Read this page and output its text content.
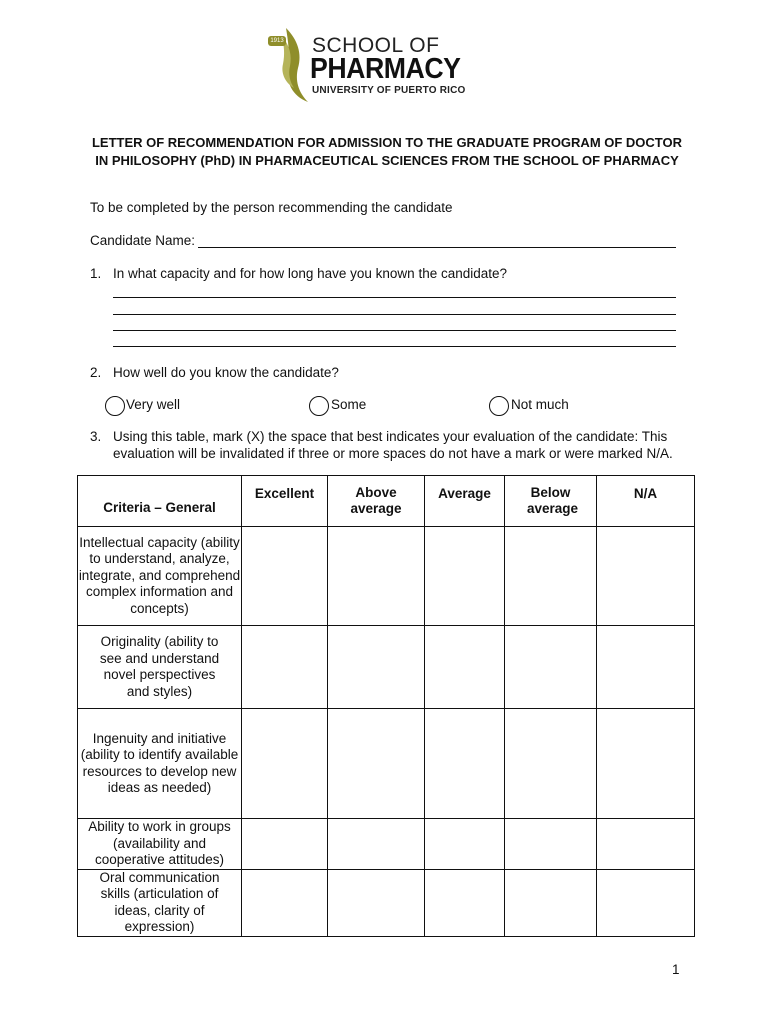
1913 SCHOOL OF
PHARMACY
UNIVERSITY OF PUERTO RICO
LETTER OF RECOMMENDATION FOR ADMISSION TO THE GRADUATE PROGRAM OF DOCTOR IN PHILOSOPHY (PhD) IN PHARMACEUTICAL SCIENCES FROM THE SCHOOL OF PHARMACY
To be completed by the person recommending the candidate
Candidate Name:
1. In what capacity and for how long have you known the candidate?
2. How well do you know the candidate?
Very well	Some	Not much
3. Using this table, mark (X) the space that best indicates your evaluation of the candidate: This
evaluation will be invalidated if three or more spaces do not have a mark or were marked N/A.
Criteria – General	Excellent	Above average	Average	Below average	N/A
Intellectual capacity (ability to understand, analyze, integrate, and comprehend complex information and concepts)					
Originality (ability to see and understand novel perspectives and styles)					
Ingenuity and initiative (ability to identify available resources to develop new ideas as needed)					
Ability to work in groups (availability and cooperative attitudes)					
Oral communication skills (articulation of ideas, clarity of expression)					
1
